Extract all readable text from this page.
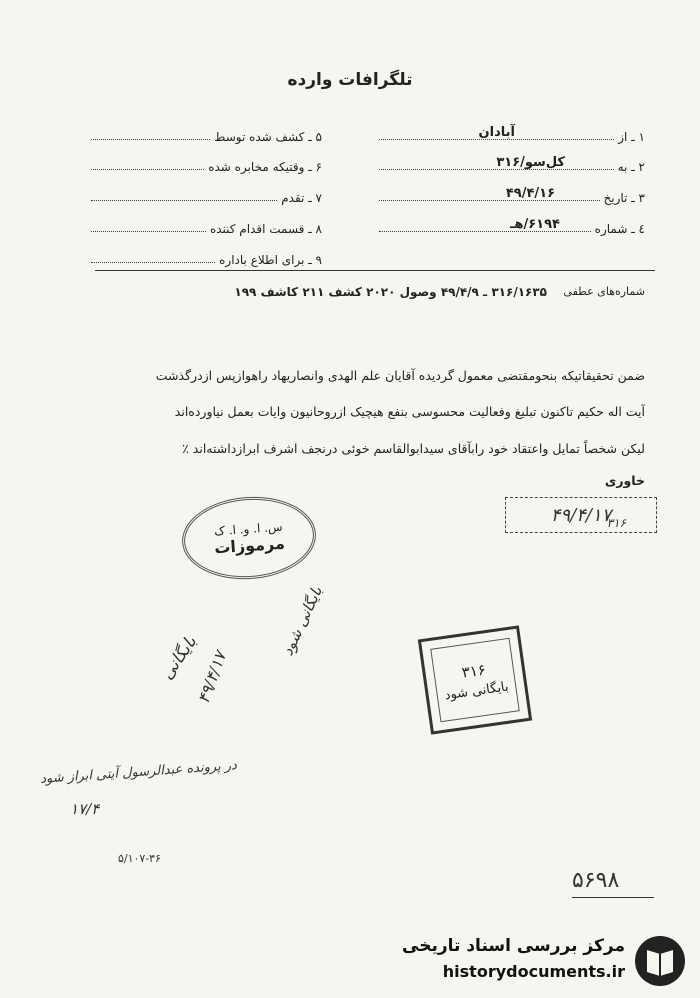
تلگرافات وارده
۱ ـ از
آبادان
۲ ـ به
کل‌سو/۳۱۶
۳ ـ تاریخ
۴۹/۴/۱۶
٤ ـ شماره
۶۱۹۴/هـ
۵ ـ کشف شده توسط
۶ ـ وقتیکه مخابره شده
۷ ـ تقدم
۸ ـ قسمت اقدام کننده
۹ ـ برای اطلاع باداره
شماره‌های عطفی
۳۱۶/۱۶۳۵ ـ ۴۹/۴/۹ وصول ۲۰۲۰ کشف ۲۱۱ کاشف ۱۹۹
ضمن تحقیقاتیکه بنحومقتضی معمول گردیده آقایان علم الهدی وانصاریهاد راهوازپس ازدرگذشت
آیت اله حکیم تاکنون تبلیغ وفعالیت محسوسی بنفع هیچیک ازروحانیون وایات بعمل نیاورده‌اند
لیکن شخصاً تمایل واعتقاد خود رابآقای سیدابوالقاسم خوئی درنجف اشرف ابرازداشته‌اند ٪
خاوری
۴۹/۴/۱۷
۳۱۶
س. ا. و. ا. ک
مرموزات
۳۱۶
بایگانی شود
بایگانی
۴۹/۴/۱۷
بایگانی شود
در پرونده عبدالرسول آیتی ابراز شود
۱۷/۴
۵/۱۰۷-۳۶
۵۶۹۸
مرکز بررسی اسناد تاریخی
historydocuments.ir
